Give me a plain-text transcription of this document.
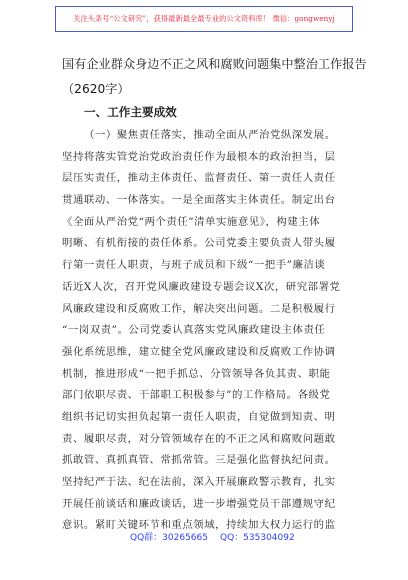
关注头条号“公文研究”，获得最新最全最专业的公文资料库！ 微信：gongwenyj
国有企业群众身边不正之风和腐败问题集中整治工作报告
（2620字）
一、工作主要成效
（一）聚焦责任落实，推动全面从严治党纵深发展。
坚持将落实管党治党政治责任作为最根本的政治担当，层
层压实责任，推动主体责任、监督责任、第一责任人责任
贯通联动、一体落实。一是全面落实主体责任。制定出台
《全面从严治党“两个责任”清单实施意见》，构建主体
明晰、有机衔接的责任体系。公司党委主要负责人带头履
行第一责任人职责，与班子成员和下级“一把手”廉洁谈
话近X人次，召开党风廉政建设专题会议X次，研究部署党
风廉政建设和反腐败工作，解决突出问题。二是积极履行
“一岗双责”。公司党委认真落实党风廉政建设主体责任
强化系统思维，建立健全党风廉政建设和反腐败工作协调
机制，推进形成“一把手抓总、分管领导各负其责、职能
部门依职尽责、干部职工积极参与”的工作格局。各级党
组织书记切实担负起第一责任人职责，自觉做到知责、明
责、履职尽责，对分管领域存在的不正之风和腐败问题敢
抓敢管、真抓真管、常抓常管。三是强化监督执纪问责。
坚持纪严于法、纪在法前，深入开展廉政警示教育，扎实
开展任前谈话和廉政谈话，进一步增强党员干部遵规守纪
意识。紧盯关键环节和重点领域，持续加大权力运行的监
QQ群：30265665 QQ：535304092
